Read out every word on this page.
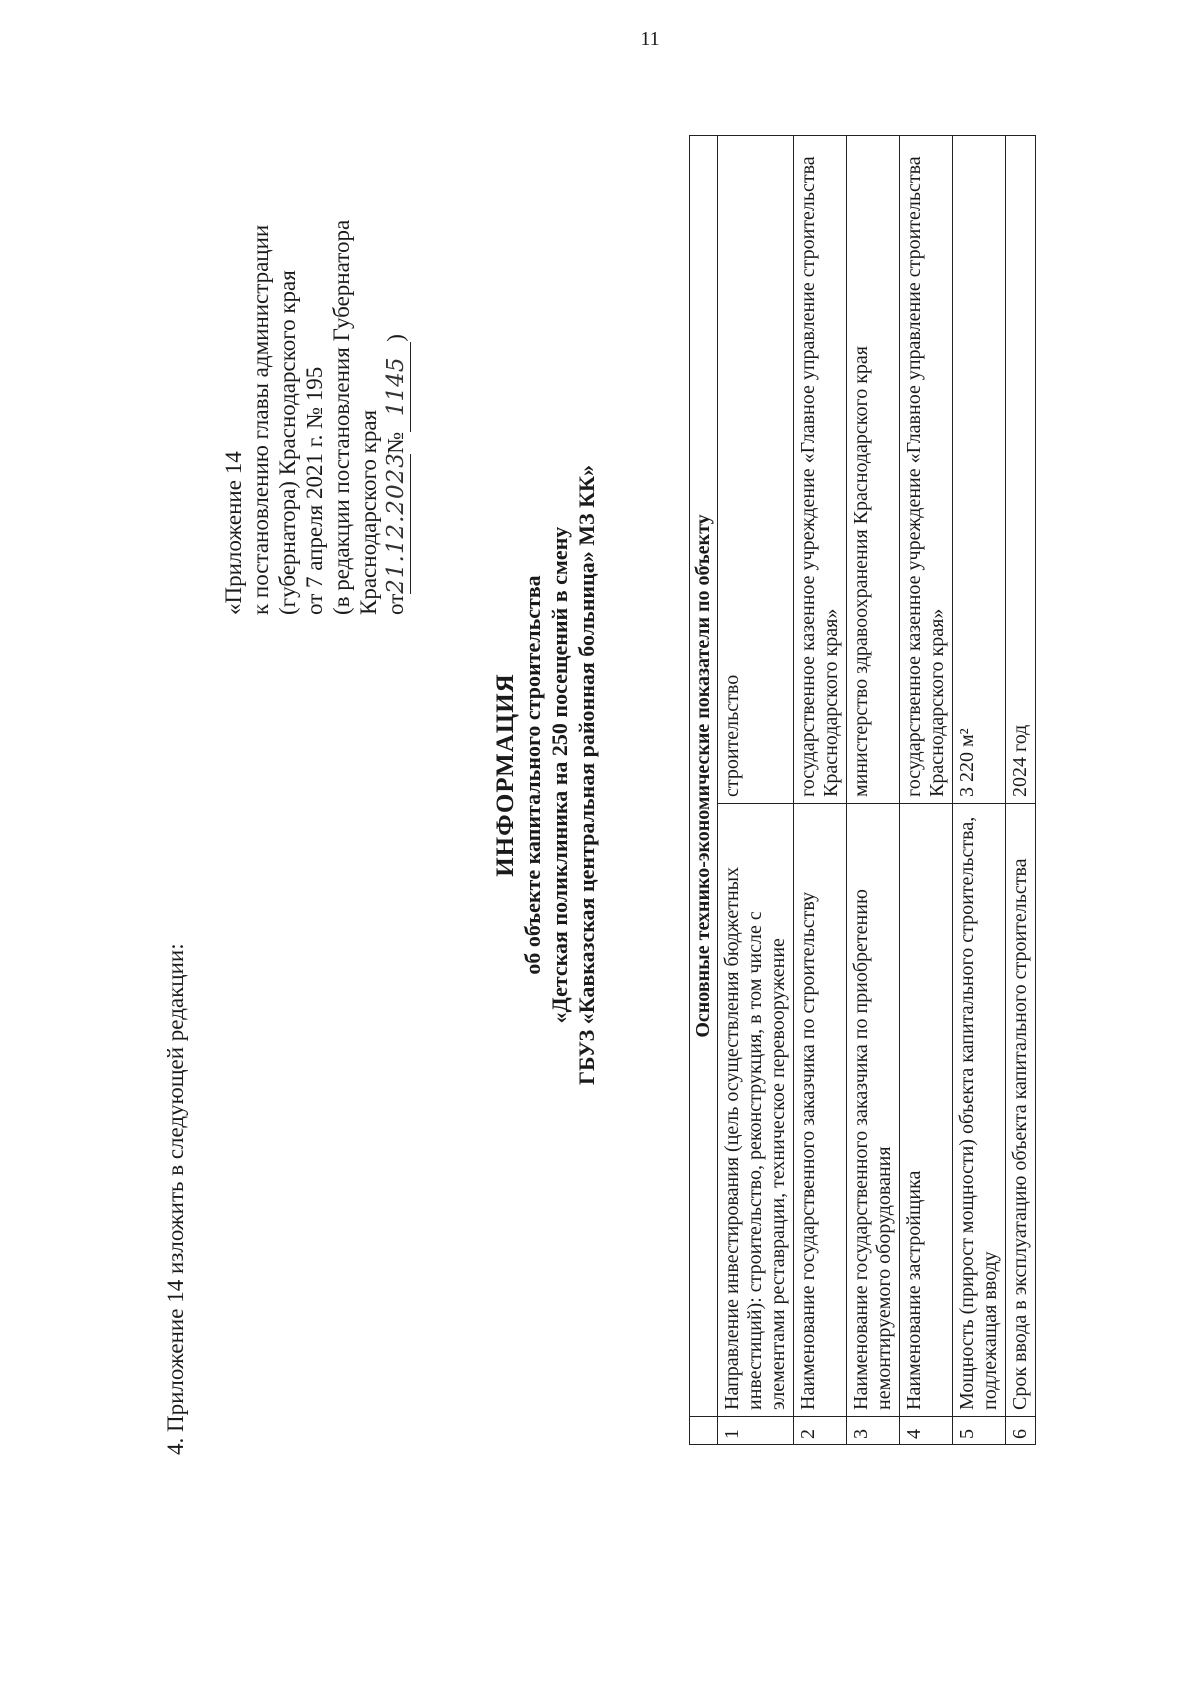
11
4. Приложение 14 изложить в следующей редакции:
«Приложение 14 к постановлению главы администрации (губернатора) Краснодарского края от 7 апреля 2021 г. № 195 (в редакции постановления Губернатора Краснодарского края от21.12.2023№1145)
ИНФОРМАЦИЯ об объекте капитального строительства «Детская поликлиника на 250 посещений в смену ГБУЗ «Кавказская центральная районная больница» МЗ КК»
		Основные технико-экономические показатели по объекту	
1	Направление инвестирования (цель осуществления бюджетных инвестиций): строительство, реконструкция, в том числе с элементами реставрации, техническое перевооружение	строительство
2	Наименование государственного заказчика по строительству	государственное казенное учреждение «Главное управление строительства Краснодарского края»
3	Наименование государственного заказчика по приобретению немонтируемого оборудования	министерство здравоохранения Краснодарского края
4	Наименование застройщика	государственное казенное учреждение «Главное управление строительства Краснодарского края»
5	Мощность (прирост мощности) объекта капитального строительства, подлежащая вводу	3 220 м²
6	Срок ввода в эксплуатацию объекта капитального строительства	2024 год
